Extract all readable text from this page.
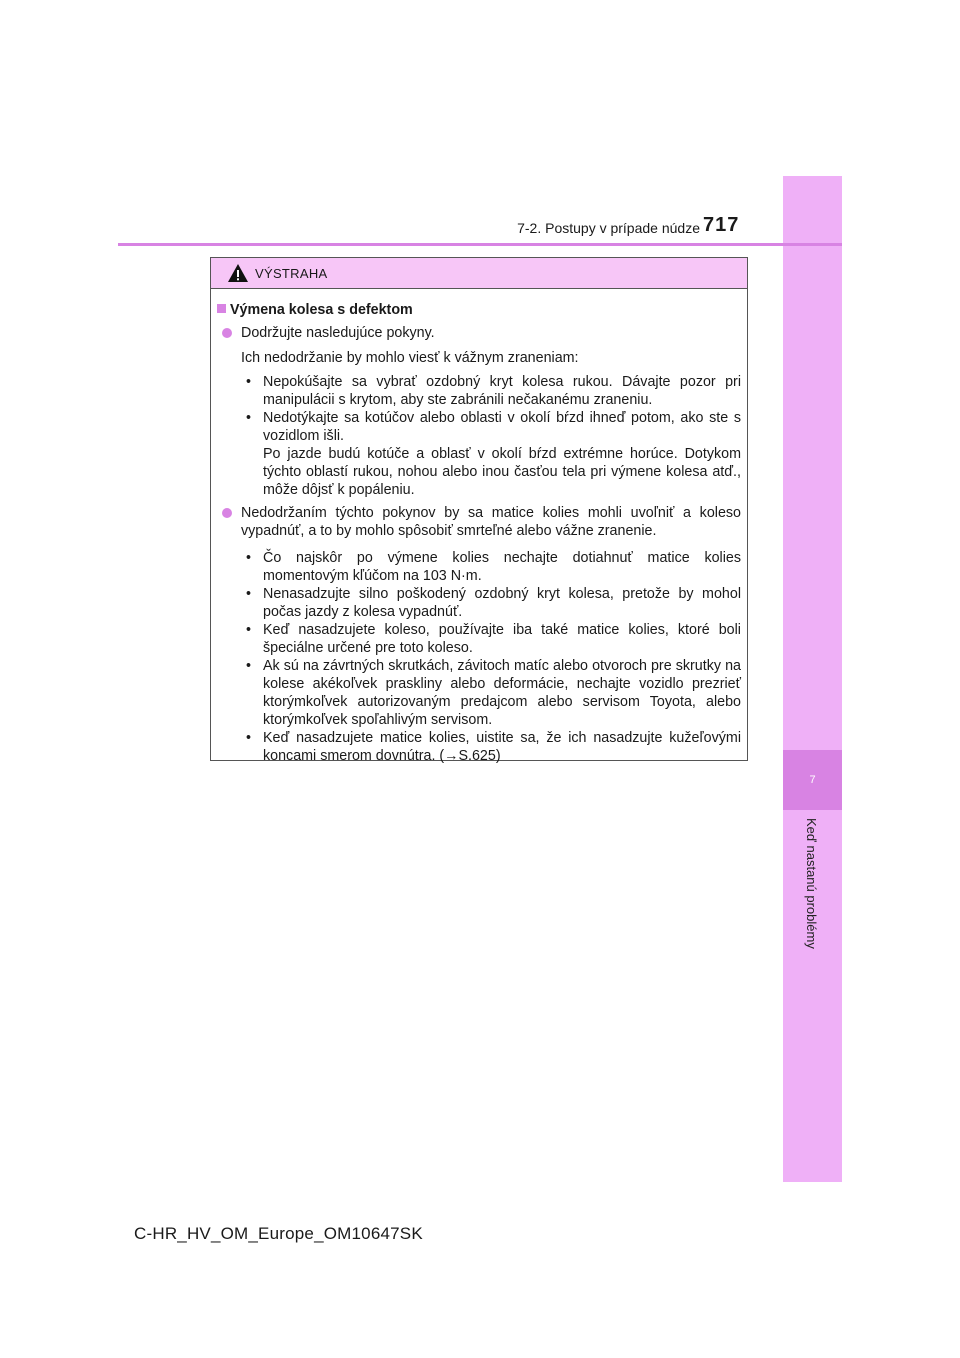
7
Keď nastanú problémy
7-2. Postupy v prípade núdze 717
VÝSTRAHA
Výmena kolesa s defektom
Dodržujte nasledujúce pokyny.
Ich nedodržanie by mohlo viesť k vážnym zraneniam:
• Nepokúšajte sa vybrať ozdobný kryt kolesa rukou. Dávajte pozor pri manipulácii s krytom, aby ste zabránili nečakanému zraneniu.
• Nedotýkajte sa kotúčov alebo oblasti v okolí bŕzd ihneď potom, ako ste s vozidlom išli.
Po jazde budú kotúče a oblasť v okolí bŕzd extrémne horúce. Dotykom týchto oblastí rukou, nohou alebo inou časťou tela pri výmene kolesa atď., môže dôjsť k popáleniu.
Nedodržaním týchto pokynov by sa matice kolies mohli uvoľniť a koleso vypadnúť, a to by mohlo spôsobiť smrteľné alebo vážne zranenie.
• Čo najskôr po výmene kolies nechajte dotiahnuť matice kolies momentovým kľúčom na 103 N·m.
• Nenasadzujte silno poškodený ozdobný kryt kolesa, pretože by mohol počas jazdy z kolesa vypadnúť.
• Keď nasadzujete koleso, používajte iba také matice kolies, ktoré boli špeciálne určené pre toto koleso.
• Ak sú na závrtných skrutkách, závitoch matíc alebo otvoroch pre skrutky na kolese akékoľvek praskliny alebo deformácie, nechajte vozidlo prezrieť ktorýmkoľvek autorizovaným predajcom alebo servisom Toyota, alebo ktorýmkoľvek spoľahlivým servisom.
• Keď nasadzujete matice kolies, uistite sa, že ich nasadzujte kužeľovými koncami smerom dovnútra. (→S.625)
C-HR_HV_OM_Europe_OM10647SK
